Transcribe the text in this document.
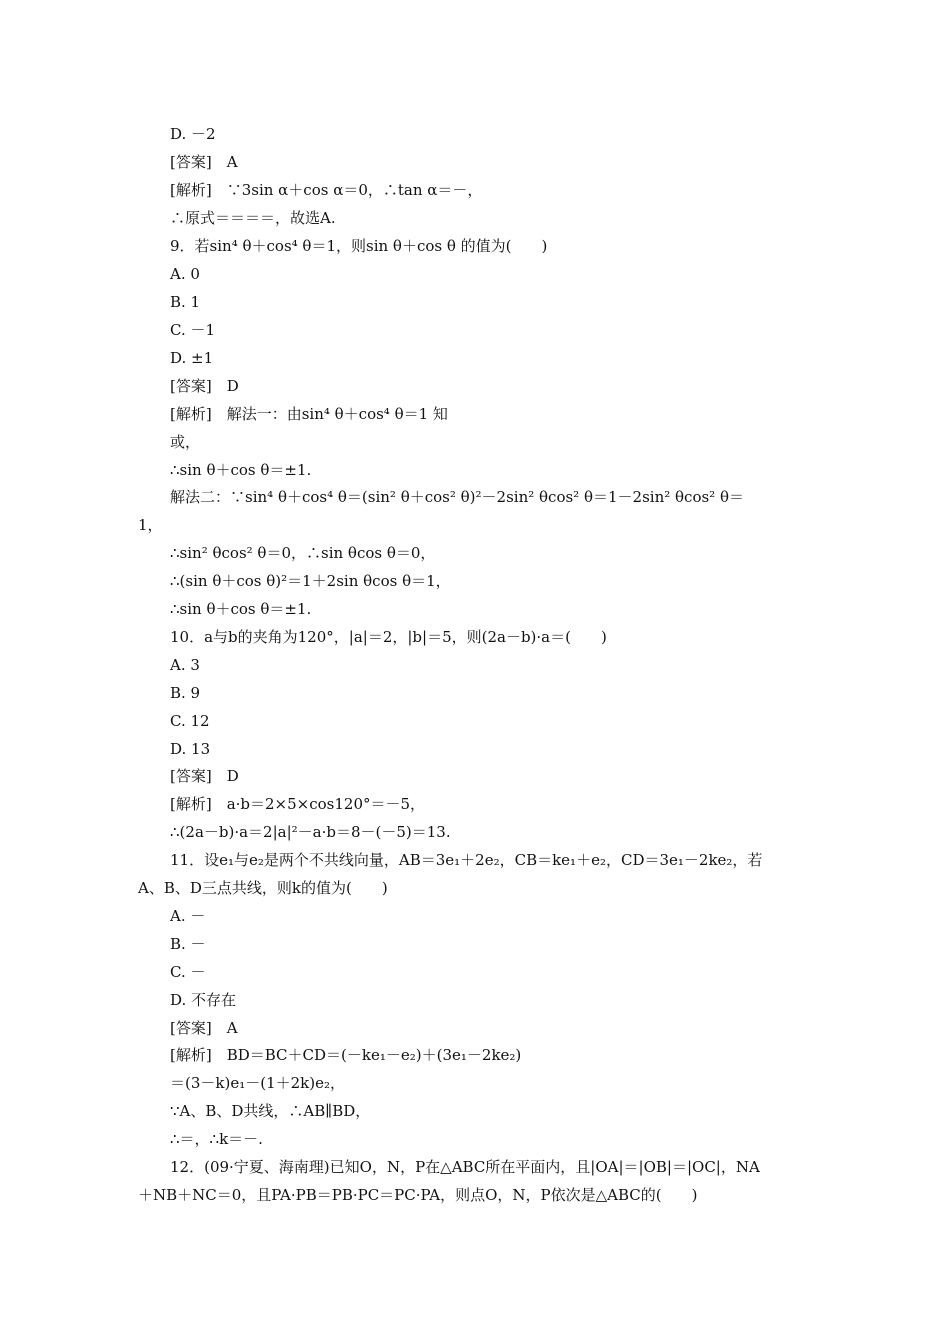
D. －2
[答案]　A
[解析]　∵3sin α＋cos α＝0，∴tan α＝－，
∴原式＝＝＝＝，故选A.
9．若sin⁴ θ＋cos⁴ θ＝1，则sin θ＋cos θ 的值为(　　)
A. 0
B. 1
C. －1
D. ±1
[答案]　D
[解析]　解法一：由sin⁴ θ＋cos⁴ θ＝1 知
或，
∴sin θ＋cos θ＝±1.
解法二：∵sin⁴ θ＋cos⁴ θ＝(sin² θ＋cos² θ)²－2sin² θcos² θ＝1－2sin² θcos² θ＝
1，
∴sin² θcos² θ＝0，∴sin θcos θ＝0，
∴(sin θ＋cos θ)²＝1＋2sin θcos θ＝1，
∴sin θ＋cos θ＝±1.
10．a与b的夹角为120°，|a|＝2，|b|＝5，则(2a－b)·a＝(　　)
A. 3
B. 9
C. 12
D. 13
[答案]　D
[解析]　a·b＝2×5×cos120°＝－5，
∴(2a－b)·a＝2|a|²－a·b＝8－(－5)＝13.
11．设e₁与e₂是两个不共线向量，AB＝3e₁＋2e₂，CB＝ke₁＋e₂，CD＝3e₁－2ke₂，若
A、B、D三点共线，则k的值为(　　)
A. －
B. －
C. －
D. 不存在
[答案]　A
[解析]　BD＝BC＋CD＝(－ke₁－e₂)＋(3e₁－2ke₂)
＝(3－k)e₁－(1＋2k)e₂，
∵A、B、D共线，∴AB∥BD，
∴＝，∴k＝－.
12．(09·宁夏、海南理)已知O，N，P在△ABC所在平面内，且|OA|＝|OB|＝|OC|，NA
＋NB＋NC＝0，且PA·PB＝PB·PC＝PC·PA，则点O，N，P依次是△ABC的(　　)
